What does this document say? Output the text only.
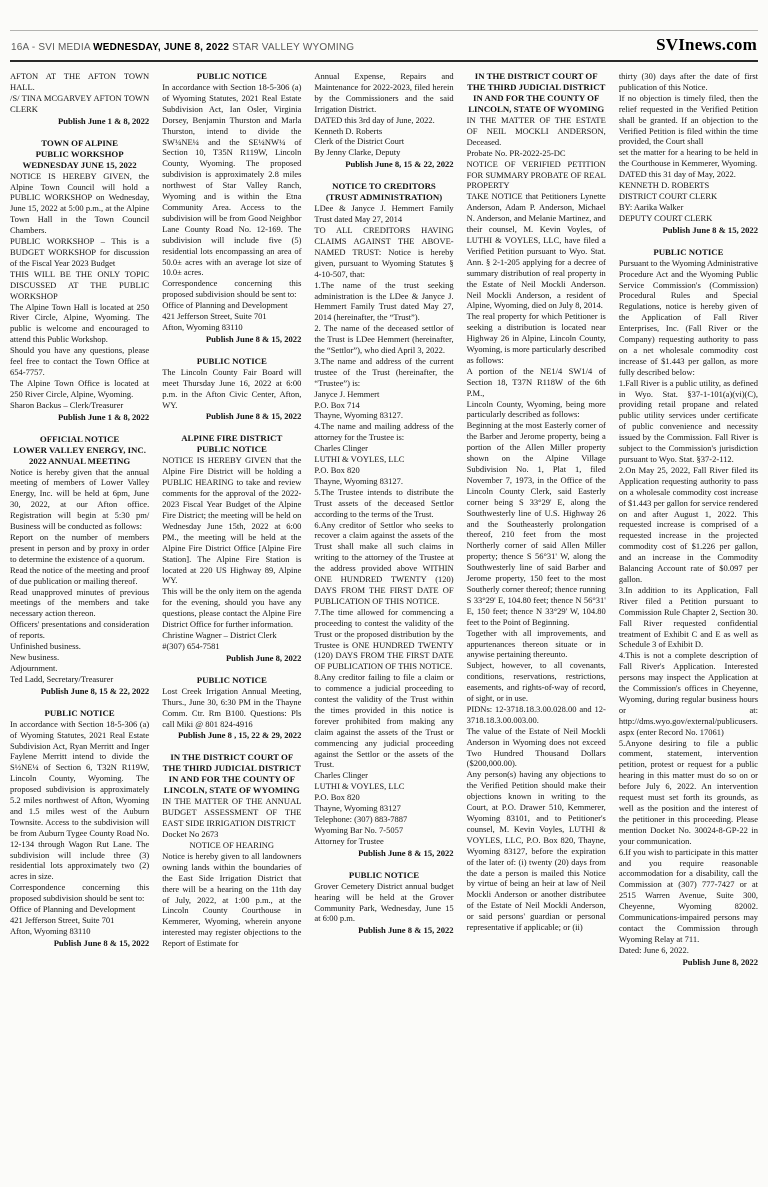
16A - SVI MEDIA WEDNESDAY, JUNE 8, 2022 STAR VALLEY WYOMING	SVInews.com
AFTON AT THE AFTON TOWN HALL.
/S/ TINA MCGARVEY AFTON TOWN CLERK
Publish June 1 & 8, 2022
TOWN OF ALPINE
PUBLIC WORKSHOP
WEDNESDAY JUNE 15, 2022
NOTICE IS HEREBY GIVEN, the Alpine Town Council will hold a PUBLIC WORKSHOP on Wednesday, June 15, 2022 at 5:00 p.m., at the Alpine Town Hall in the Town Council Chambers.
PUBLIC WORKSHOP – This is a BUDGET WORKSHOP for discussion of the Fiscal Year 2023 Budget
THIS WILL BE THE ONLY TOPIC DISCUSSED AT THE PUBLIC WORKSHOP
The Alpine Town Hall is located at 250 River Circle, Alpine, Wyoming. The public is welcome and encouraged to attend this Public Workshop.
Should you have any questions, please feel free to contact the Town Office at 654-7757.
The Alpine Town Office is located at 250 River Circle, Alpine, Wyoming.
Sharon Backus – Clerk/Treasurer
Publish June 1 & 8, 2022
OFFICIAL NOTICE
LOWER VALLEY ENERGY, INC.
2022 ANNUAL MEETING
Notice is hereby given that the annual meeting of members of Lower Valley Energy, Inc. will be held at 6pm, June 30, 2022, at our Afton office. Registration will begin at 5:30 pm/ Business will be conducted as follows:
Report on the number of members present in person and by proxy in order to determine the existence of a quorum.
Read the notice of the meeting and proof of due publication or mailing thereof.
Read unapproved minutes of previous meetings of the members and take necessary action thereon.
Officers' presentations and consideration of reports.
Unfinished business.
New business.
Adjournment.
Ted Ladd, Secretary/Treasurer
Publish June 8, 15 & 22, 2022
PUBLIC NOTICE
In accordance with Section 18-5-306 (a) of Wyoming Statutes, 2021 Real Estate Subdivision Act, Ryan Merritt and Inger Faylene Merritt intend to divide the S½NE¼ of Section 6, T32N R119W, Lincoln County, Wyoming. The proposed subdivision is approximately 5.2 miles northwest of Afton, Wyoming and 1.5 miles west of the Auburn Townsite. Access to the subdivision will be from Auburn Tygee County Road No. 12-134 through Wagon Rut Lane. The subdivision will include three (3) residential lots approximately two (2) acres in size.
Correspondence concerning this proposed subdivision should be sent to:
Office of Planning and Development
421 Jefferson Street, Suite 701
Afton, Wyoming 83110
Publish June 8 & 15, 2022
PUBLIC NOTICE
In accordance with Section 18-5-306 (a) of Wyoming Statutes, 2021 Real Estate Subdivision Act, Ian Osler, Virginia Dorsey, Benjamin Thurston and Marla Thurston, intend to divide the SW¼NE¼ and the SE¼NW¼ of Section 10, T35N R119W, Lincoln County, Wyoming. The proposed subdivision is approximately 2.8 miles northwest of Star Valley Ranch, Wyoming and is within the Etna Community Area. Access to the subdivision will be from Good Neighbor Lane County Road No. 12-169. The subdivision will include five (5) residential lots encompassing an area of 50.0± acres with an average lot size of 10.0± acres.
Correspondence concerning this proposed subdivision should be sent to:
Office of Planning and Development
421 Jefferson Street, Suite 701
Afton, Wyoming 83110
Publish June 8 & 15, 2022
PUBLIC NOTICE
The Lincoln County Fair Board will meet Thursday June 16, 2022 at 6:00 p.m. in the Afton Civic Center, Afton, WY.
Publish June 8 & 15, 2022
ALPINE FIRE DISTRICT
PUBLIC NOTICE
NOTICE IS HEREBY GIVEN that the Alpine Fire District will be holding a PUBLIC HEARING to take and review comments for the approval of the 2022-2023 Fiscal Year Budget of the Alpine Fire District; the meeting will be held on Wednesday June 15th, 2022 at 6:00 PM., the meeting will be held at the Alpine Fire District Office [Alpine Fire Station]. The Alpine Fire Station is located at 220 US Highway 89, Alpine WY.
This will be the only item on the agenda for the evening, should you have any questions, please contact the Alpine Fire District Office for further information.
Christine Wagner – District Clerk
#(307) 654-7581
Publish June 8, 2022
PUBLIC NOTICE
Lost Creek Irrigation Annual Meeting, Thurs., June 30, 6:30 PM in the Thayne Comm. Ctr. Rm B100. Questions: Pls call Miki @ 801 824-4916
Publish June 8 , 15, 22 & 29, 2022
IN THE DISTRICT COURT OF THE THIRD JUDICIAL DISTRICT
IN AND FOR THE COUNTY OF LINCOLN, STATE OF WYOMING
IN THE MATTER OF THE ANNUAL BUDGET ASSESSMENT OF THE EAST SIDE IRRIGATION DISTRICT
Docket No 2673
NOTICE OF HEARING
Notice is hereby given to all landowners owning lands within the boundaries of the East Side Irrigation District that there will be a hearing on the 11th day of July, 2022, at 1:00 p.m., at the Lincoln County Courthouse in Kemmerer, Wyoming, wherein anyone interested may register objections to the Report of Estimate for
Annual Expense, Repairs and Maintenance for 2022-2023, filed herein by the Commissioners and the said Irrigation District.
DATED this 3rd day of June, 2022.
Kenneth D. Roberts
Clerk of the District Court
By Jenny Clarke, Deputy
Publish June 8, 15 & 22, 2022
NOTICE TO CREDITORS
(TRUST ADMINISTRATION)
LDee & Janyce J. Hemmert Family Trust dated May 27, 2014
TO ALL CREDITORS HAVING CLAIMS AGAINST THE ABOVE-NAMED TRUST: Notice is hereby given, pursuant to Wyoming Statutes § 4-10-507, that:
1.The name of the trust seeking administration is the LDee & Janyce J. Hemmert Family Trust dated May 27, 2014 (hereinafter, the “Trust”).
2. The name of the deceased settlor of the Trust is LDee Hemmert (hereinafter, the “Settlor”), who died April 3, 2022.
3.The name and address of the current trustee of the Trust (hereinafter, the “Trustee”) is:
Janyce J. Hemmert
P.O. Box 714
Thayne, Wyoming 83127.
4.The name and mailing address of the attorney for the Trustee is:
Charles Clinger
LUTHI & VOYLES, LLC
P.O. Box 820
Thayne, Wyoming 83127.
5.The Trustee intends to distribute the Trust assets of the deceased Settlor according to the terms of the Trust.
6.Any creditor of Settlor who seeks to recover a claim against the assets of the Trust shall make all such claims in writing to the attorney of the Trustee at the address provided above WITHIN ONE HUNDRED TWENTY (120) DAYS FROM THE FIRST DATE OF PUBLICATION OF THIS NOTICE.
7.The time allowed for commencing a proceeding to contest the validity of the Trust or the proposed distribution by the Trustee is ONE HUNDRED TWENTY (120) DAYS FROM THE FIRST DATE OF PUBLICATION OF THIS NOTICE.
8.Any creditor failing to file a claim or to commence a judicial proceeding to contest the validity of the Trust within the times provided in this notice is forever prohibited from making any claim against the assets of the Trust or commencing any judicial proceeding against the Settlor or the assets of the Trust.
Charles Clinger
LUTHI & VOYLES, LLC
P.O. Box 820
Thayne, Wyoming 83127
Telephone: (307) 883-7887
Wyoming Bar No. 7-5057
Attorney for Trustee
Publish June 8 & 15, 2022
PUBLIC NOTICE
Grover Cemetery District annual budget hearing will be held at the Grover Community Park, Wednesday, June 15 at 6:00 p.m.
Publish June 8 & 15, 2022
IN THE DISTRICT COURT OF THE THIRD JUDICIAL DISTRICT
IN AND FOR THE COUNTY OF LINCOLN, STATE OF WYOMING
IN THE MATTER OF THE ESTATE OF NEIL MOCKLI ANDERSON, Deceased.
Probate No. PR-2022-25-DC
NOTICE OF VERIFIED PETITION FOR SUMMARY PROBATE OF REAL PROPERTY
TAKE NOTICE that Petitioners Lynette Anderson, Adam P. Anderson, Michael N. Anderson, and Melanie Martinez, and their counsel, M. Kevin Voyles, of LUTHI & VOYLES, LLC, have filed a Verified Petition pursuant to Wyo. Stat. Ann. § 2-1-205 applying for a decree of summary distribution of real property in the Estate of Neil Mockli Anderson. Neil Mockli Anderson, a resident of Alpine, Wyoming, died on July 8, 2014.
The real property for which Petitioner is seeking a distribution is located near Highway 26 in Alpine, Lincoln County, Wyoming, is more particularly described as follows:
A portion of the NE1/4 SW1/4 of Section 18, T37N R118W of the 6th P.M.,
Lincoln County, Wyoming, being more particularly described as follows:
Beginning at the most Easterly corner of the Barber and Jerome property, being a portion of the Allen Miller property shown on the Alpine Village Subdivision No. 1, Plat 1, filed November 7, 1973, in the Office of the Lincoln County Clerk, said Easterly corner being S 33°29' E, along the Southwesterly line of U.S. Highway 26 and the Southeasterly prolongation thereof, 210 feet from the most Northerly corner of said Allen Miller property; thence S 56°31' W, along the Southwesterly line of said Barber and Jerome property, 150 feet to the most Southerly corner thereof; thence running S 33°29' E, 104.80 feet; thence N 56°31' E, 150 feet; thence N 33°29' W, 104.80 feet to the Point of Beginning.
Together with all improvements, and appurtenances thereon situate or in anywise pertaining thereunto.
Subject, however, to all covenants, conditions, reservations, restrictions, easements, and rights-of-way of record, of sight, or in use.
PIDNs: 12-3718.18.3.00.028.00 and 12-3718.18.3.00.003.00.
The value of the Estate of Neil Mockli Anderson in Wyoming does not exceed Two Hundred Thousand Dollars ($200,000.00).
Any person(s) having any objections to the Verified Petition should make their objections known in writing to the Court, at P.O. Drawer 510, Kemmerer, Wyoming 83101, and to Petitioner's counsel, M. Kevin Voyles, LUTHI & VOYLES, LLC, P.O. Box 820, Thayne, Wyoming 83127, before the expiration of the later of: (i) twenty (20) days from the date a person is mailed this Notice by virtue of being an heir at law of Neil Mockli Anderson or another distributee of the Estate of Neil Mockli Anderson, or said persons' guardian or personal representative if applicable; or (ii)
thirty (30) days after the date of first publication of this Notice.
If no objection is timely filed, then the relief requested in the Verified Petition shall be granted. If an objection to the Verified Petition is filed within the time provided, the Court shall
set the matter for a hearing to be held in the Courthouse in Kemmerer, Wyoming.
DATED this 31 day of May, 2022.
KENNETH D. ROBERTS
DISTRICT COURT CLERK
BY: Aarika Walker
DEPUTY COURT CLERK
Publish June 8 & 15, 2022
PUBLIC NOTICE
Pursuant to the Wyoming Administrative Procedure Act and the Wyoming Public Service Commission's (Commission) Procedural Rules and Special Regulations, notice is hereby given of the Application of Fall River Enterprises, Inc. (Fall River or the Company) requesting authority to pass on a net wholesale commodity cost increase of $1.443 per gallon, as more fully described below:
1.Fall River is a public utility, as defined in Wyo. Stat. §37-1-101(a)(vi)(C), providing retail propane and related public utility services under certificate of public convenience and necessity issued by the Commission. Fall River is subject to the Commission's jurisdiction pursuant to Wyo. Stat. §37-2-112.
2.On May 25, 2022, Fall River filed its Application requesting authority to pass on a wholesale commodity cost increase of $1.443 per gallon for service rendered on and after August 1, 2022. This requested increase is comprised of a requested increase in the projected commodity cost of $1.226 per gallon, and an increase in the Commodity Balancing Account rate of $0.097 per gallon.
3.In addition to its Application, Fall River filed a Petition pursuant to Commission Rule Chapter 2, Section 30. Fall River requested confidential treatment of Exhibit C and E as well as Schedule 3 of Exhibit D.
4.This is not a complete description of Fall River's Application. Interested persons may inspect the Application at the Commission's offices in Cheyenne, Wyoming, during regular business hours or at: http://dms.wyo.gov/external/publicusers.aspx (enter Record No. 17061)
5.Anyone desiring to file a public comment, statement, intervention petition, protest or request for a public hearing in this matter must do so on or before July 6, 2022. An intervention request must set forth its grounds, as well as the position and the interest of the petitioner in this proceeding. Please mention Docket No. 30024-8-GP-22 in your communication.
6.If you wish to participate in this matter and you require reasonable accommodation for a disability, call the Commission at (307) 777-7427 or at 2515 Warren Avenue, Suite 300, Cheyenne, Wyoming 82002. Communications-impaired persons may contact the Commission through Wyoming Relay at 711.
Dated: June 6, 2022.
Publish June 8, 2022
